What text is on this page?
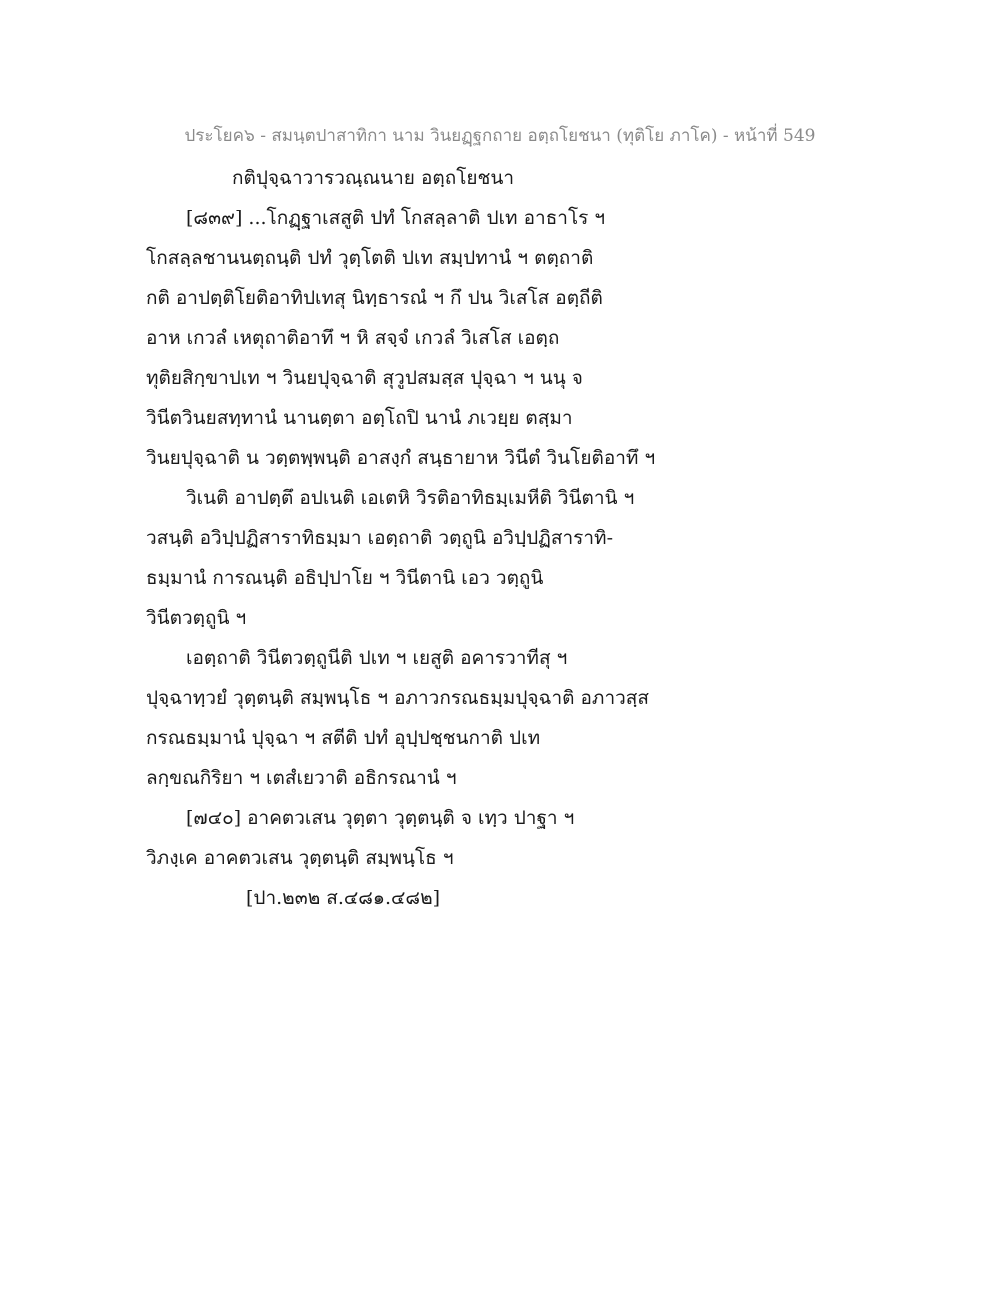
ประโยค๖ - สมนฺตปาสาทิกา นาม วินยฏฺฐกถาย อตฺถโยชนา (ทุติโย ภาโค) - หน้าที่ 549
กติปุจฺฉาวารวณฺณนาย อตฺถโยชนา
[๘๓๙] ...โกฏฺฐาเสสูติ ปทํ โกสลฺลาติ ปเท อาธาโร ฯ
โกสลฺลชานนตฺถนฺติ ปทํ วุตฺโตติ ปเท สมฺปทานํ ฯ ตตฺถาติ
กติ อาปตฺติโยติอาทิปเทสุ นิทฺธารณํ ฯ กึ ปน วิเสโส อตฺถีติ
อาห เกวลํ เหตุถาติอาทึ ฯ หิ สจฺจํ เกวลํ วิเสโส เอตฺถ
ทุติยสิกฺขาปเท ฯ วินยปุจฺฉาติ สุวูปสมสฺส ปุจฺฉา ฯ นนุ จ
วินีตวินยสทฺทานํ นานตฺตา อตฺโถปิ นานํ ภเวยฺย ตสฺมา
วินยปุจฺฉาติ น วตฺตพฺพนฺติ อาสงฺกํ สนฺธายาห วินีตํ วินโยติอาทึ ฯ
วิเนติ อาปตฺตึ อปเนติ เอเตหิ วิรติอาทิธมฺเมหีติ วินีตานิ ฯ
วสนฺติ อวิปฺปฏิสาราทิธมฺมา เอตฺถาติ วตฺถูนิ อวิปฺปฏิสาราทิ-
ธมฺมานํ การณนฺติ อธิปฺปาโย ฯ วินีตานิ เอว วตฺถูนิ
วินีตวตฺถูนิ ฯ
เอตฺถาติ วินีตวตฺถูนีติ ปเท ฯ เยสูติ อคารวาทีสุ ฯ
ปุจฺฉาทฺวยํ วุตฺตนฺติ สมฺพนฺโธ ฯ อภาวกรณธมฺมปุจฺฉาติ อภาวสฺส
กรณธมฺมานํ ปุจฺฉา ฯ สตีติ ปทํ อุปฺปชฺชนกาติ ปเท
ลกฺขณกิริยา ฯ เตสํเยวาติ อธิกรณานํ ฯ
[๗๔๐] อาคตวเสน วุตฺตา วุตฺตนฺติ จ เทฺว ปาฐา ฯ
วิภงฺเค อาคตวเสน วุตฺตนฺติ สมฺพนฺโธ ฯ
[ปา.๒๓๒ ส.๔๘๑.๔๘๒]
